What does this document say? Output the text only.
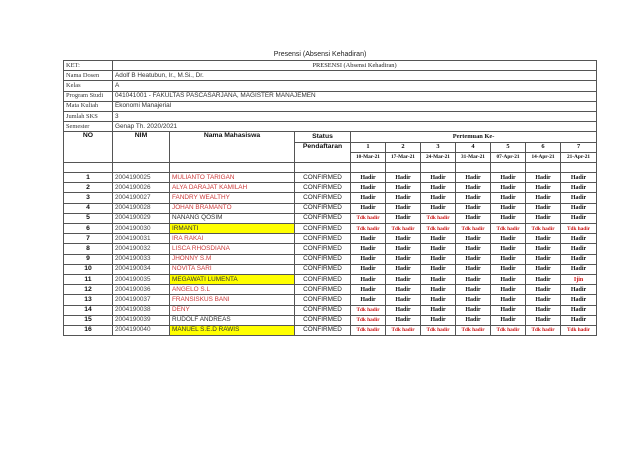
Presensi (Absensi Kehadiran)
KET:	PRESENSI (Absensi Kehadiran)									
Nama Dosen	Adolf B Heatubun, Ir., M.Si., Dr.									
Kelas	A									
Program Studi	041041001 - FAKULTAS PASCASARJANA, MAGISTER MANAJEMEN									
Mata Kuliah	Ekonomi Manajerial									
Jumlah SKS	3									
Semester	Genap Th. 2020/2021									
NO	NIM	Nama Mahasiswa	Status	Pertemuan Ke-						
			Pendaftaran	1	2	3	4	5	6	7
				10-Mar-21	17-Mar-21	24-Mar-21	31-Mar-21	07-Apr-21	14-Apr-21	21-Apr-21

1	2004190025	MULIANTO TARIGAN	CONFIRMED	Hadir	Hadir	Hadir	Hadir	Hadir	Hadir	Hadir
2	2004190026	ALYA DARAJAT KAMILAH	CONFIRMED	Hadir	Hadir	Hadir	Hadir	Hadir	Hadir	Hadir
3	2004190027	FANDRY WEALTHY	CONFIRMED	Hadir	Hadir	Hadir	Hadir	Hadir	Hadir	Hadir
4	2004190028	JOHAN BRAMANTO	CONFIRMED	Hadir	Hadir	Hadir	Hadir	Hadir	Hadir	Hadir
5	2004190029	NANANG QOSIM	CONFIRMED	Tdk hadir	Hadir	Tdk hadir	Hadir	Hadir	Hadir	Hadir
6	2004190030	IRMANTI	CONFIRMED	Tdk hadir	Tdk hadir	Tdk hadir	Tdk hadir	Tdk hadir	Tdk hadir	Tdk hadir
7	2004190031	IRA RAKAI	CONFIRMED	Hadir	Hadir	Hadir	Hadir	Hadir	Hadir	Hadir
8	2004190032	LISCA RHOSDIANA	CONFIRMED	Hadir	Hadir	Hadir	Hadir	Hadir	Hadir	Hadir
9	2004190033	JHONNY S.M	CONFIRMED	Hadir	Hadir	Hadir	Hadir	Hadir	Hadir	Hadir
10	2004190034	NOVITA SARI	CONFIRMED	Hadir	Hadir	Hadir	Hadir	Hadir	Hadir	Hadir
11	2004190035	MEGAWATI LUMENTA	CONFIRMED	Hadir	Hadir	Hadir	Hadir	Hadir	Hadir	Ijin
12	2004190036	ANGELO S.L	CONFIRMED	Hadir	Hadir	Hadir	Hadir	Hadir	Hadir	Hadir
13	2004190037	FRANSISKUS BANI	CONFIRMED	Hadir	Hadir	Hadir	Hadir	Hadir	Hadir	Hadir
14	2004190038	DENY	CONFIRMED	Tdk hadir	Hadir	Hadir	Hadir	Hadir	Hadir	Hadir
15	2004190039	RUDOLF ANDREAS	CONFIRMED	Tdk hadir	Hadir	Hadir	Hadir	Hadir	Hadir	Hadir
16	2004190040	MANUEL S.E.D RAWIS	CONFIRMED	Tdk hadir	Tdk hadir	Tdk hadir	Tdk hadir	Tdk hadir	Tdk hadir	Tdk hadir
